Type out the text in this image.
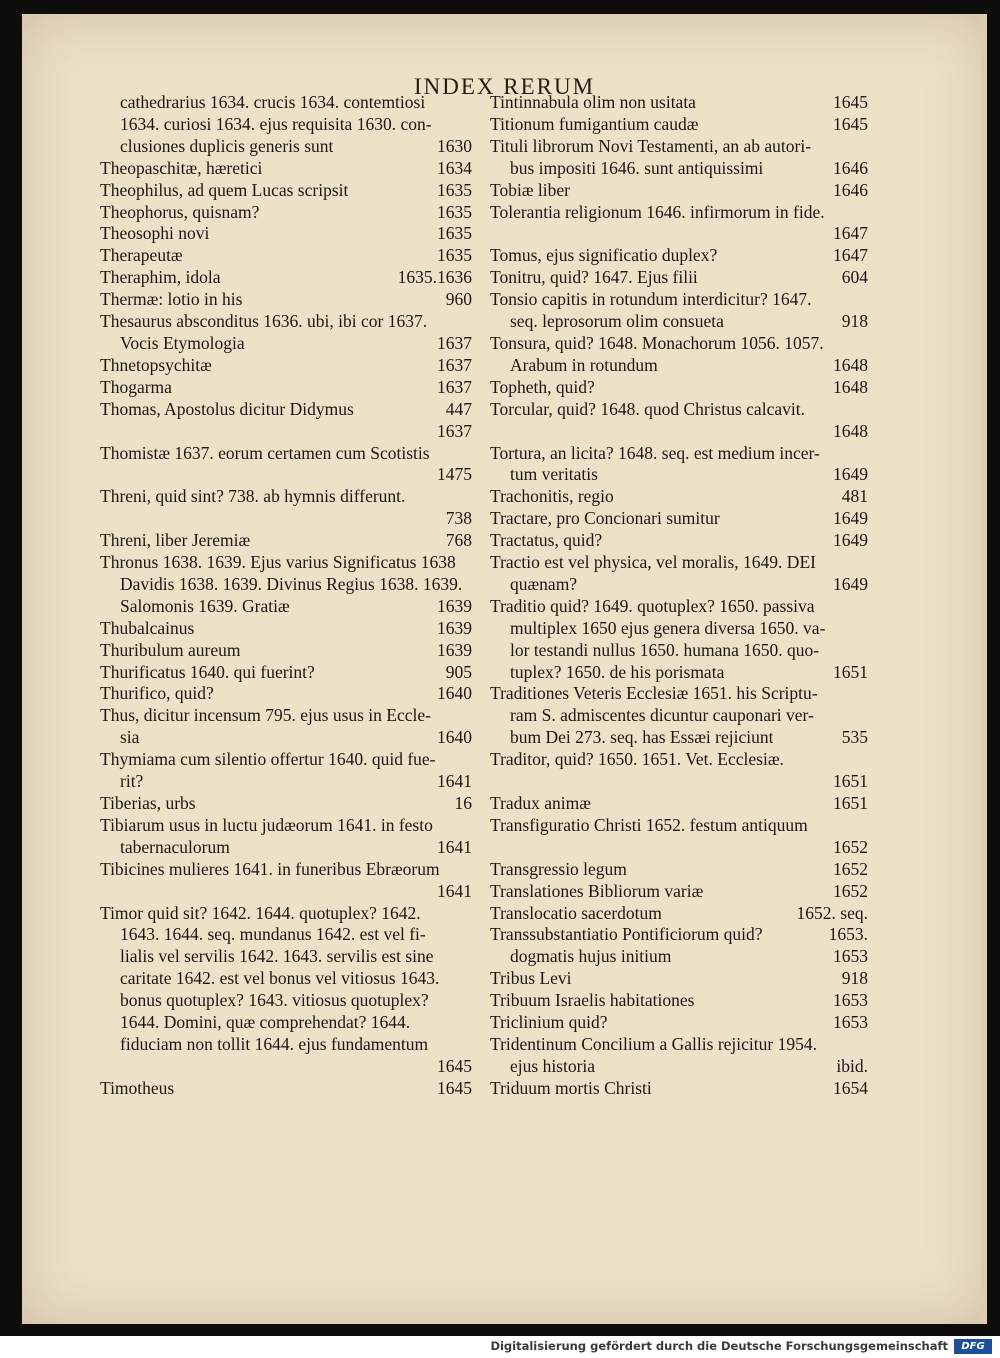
INDEX RERUM
cathedrarius 1634. crucis 1634. contemtiosi
1634. curiosi 1634. ejus requisita 1630. con-
clusiones duplicis generis sunt	1630
Theopaschitæ, hæretici	1634
Theophilus, ad quem Lucas scripsit	1635
Theophorus, quisnam?	1635
Theosophi novi	1635
Therapeutæ	1635
Theraphim, idola	1635.1636
Thermæ: lotio in his	960
Thesaurus absconditus 1636. ubi, ibi cor 1637.
Vocis Etymologia	1637
Thnetopsychitæ	1637
Thogarma	1637
Thomas, Apostolus dicitur Didymus	447
1637
Thomistæ 1637. eorum certamen cum Scotistis
1475
Threni, quid sint? 738. ab hymnis differunt.
738
Threni, liber Jeremiæ	768
Thronus 1638. 1639. Ejus varius Significatus 1638
Davidis 1638. 1639. Divinus Regius 1638. 1639.
Salomonis 1639. Gratiæ	1639
Thubalcainus	1639
Thuribulum aureum	1639
Thurificatus 1640. qui fuerint?	905
Thurifico, quid?	1640
Thus, dicitur incensum 795. ejus usus in Eccle-
sia	1640
Thymiama cum silentio offertur 1640. quid fue-
rit?	1641
Tiberias, urbs	16
Tibiarum usus in luctu judæorum 1641. in festo
tabernaculorum	1641
Tibicines mulieres 1641. in funeribus Ebræorum
1641
Timor quid sit? 1642. 1644. quotuplex? 1642.
1643. 1644. seq. mundanus 1642. est vel fi-
lialis vel servilis 1642. 1643. servilis est sine
caritate 1642. est vel bonus vel vitiosus 1643.
bonus quotuplex? 1643. vitiosus quotuplex?
1644. Domini, quæ comprehendat? 1644.
fiduciam non tollit 1644. ejus fundamentum
1645
Timotheus	1645
Tintinnabula olim non usitata	1645
Titionum fumigantium caudæ	1645
Tituli librorum Novi Testamenti, an ab autori-
bus impositi 1646. sunt antiquissimi	1646
Tobiæ liber	1646
Tolerantia religionum 1646. infirmorum in fide.
1647
Tomus, ejus significatio duplex?	1647
Tonitru, quid? 1647. Ejus filii	604
Tonsio capitis in rotundum interdicitur? 1647.
seq. leprosorum olim consueta	918
Tonsura, quid? 1648. Monachorum 1056. 1057.
Arabum in rotundum	1648
Topheth, quid?	1648
Torcular, quid? 1648. quod Christus calcavit.
1648
Tortura, an licita? 1648. seq. est medium incer-
tum veritatis	1649
Trachonitis, regio	481
Tractare, pro Concionari sumitur	1649
Tractatus, quid?	1649
Tractio est vel physica, vel moralis, 1649. DEI
quænam?	1649
Traditio quid? 1649. quotuplex? 1650. passiva
multiplex 1650 ejus genera diversa 1650. va-
lor testandi nullus 1650. humana 1650. quo-
tuplex? 1650. de his porismata	1651
Traditiones Veteris Ecclesiæ 1651. his Scriptu-
ram S. admiscentes dicuntur cauponari ver-
bum Dei 273. seq. has Essæi rejiciunt	535
Traditor, quid? 1650. 1651. Vet. Ecclesiæ.
1651
Tradux animæ	1651
Transfiguratio Christi 1652. festum antiquum
1652
Transgressio legum	1652
Translationes Bibliorum variæ	1652
Translocatio sacerdotum	1652. seq.
Transsubstantiatio Pontificiorum quid?	1653.
dogmatis hujus initium	1653
Tribus Levi	918
Tribuum Israelis habitationes	1653
Triclinium quid?	1653
Tridentinum Concilium a Gallis rejicitur 1954.
ejus historia	ibid.
Triduum mortis Christi	1654
Digitalisierung gefördert durch die Deutsche Forschungsgemeinschaft	DFG
